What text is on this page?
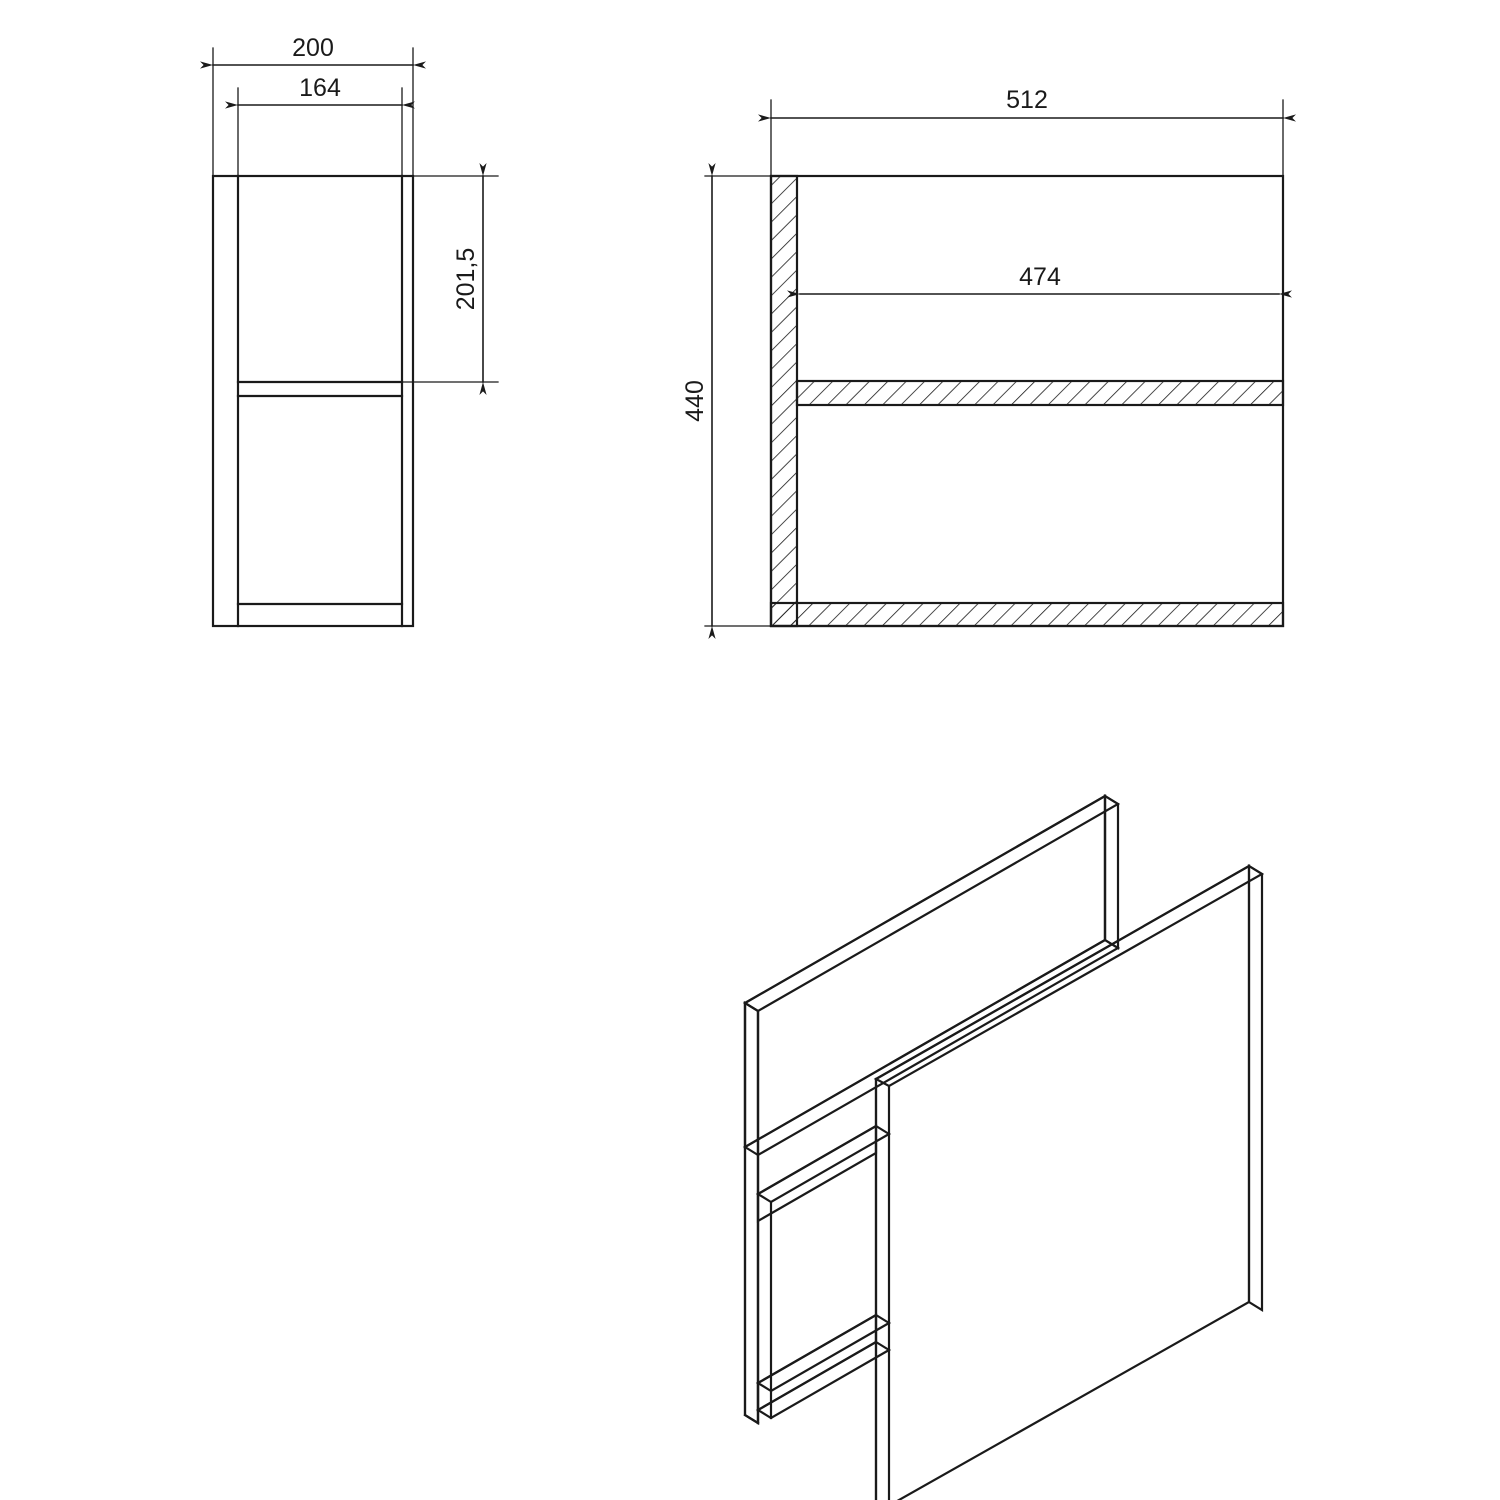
200
164
201,5
512
474
440
